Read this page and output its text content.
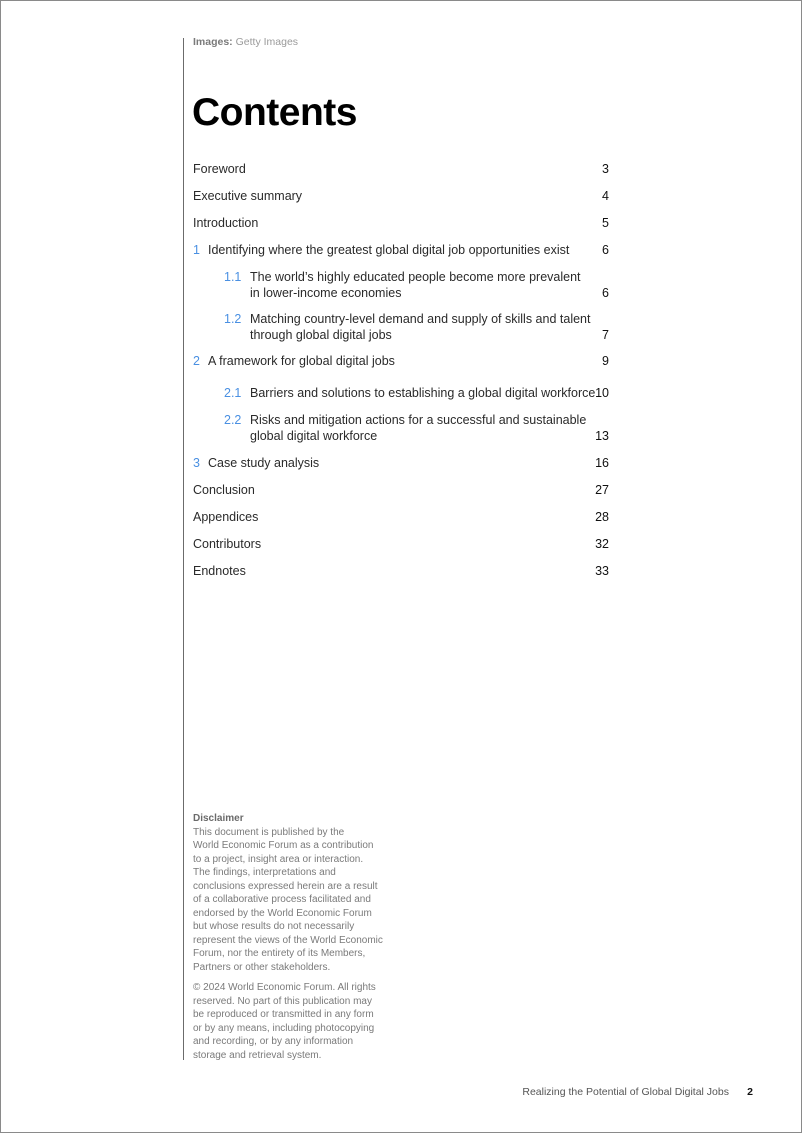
Images: Getty Images
Contents
Foreword	3
Executive summary	4
Introduction	5
1 Identifying where the greatest global digital job opportunities exist	6
1.1 The world’s highly educated people become more prevalent
in lower-income economies	6
1.2 Matching country-level demand and supply of skills and talent
through global digital jobs	7
2 A framework for global digital jobs	9
2.1 Barriers and solutions to establishing a global digital workforce 10
2.2 Risks and mitigation actions for a successful and sustainable
global digital workforce	13
3 Case study analysis	16
Conclusion	27
Appendices	28
Contributors	32
Endnotes	33
Disclaimer

This document is published by the
World Economic Forum as a contribution
to a project, insight area or interaction.
The findings, interpretations and
conclusions expressed herein are a result
of a collaborative process facilitated and
endorsed by the World Economic Forum
but whose results do not necessarily
represent the views of the World Economic
Forum, nor the entirety of its Members,
Partners or other stakeholders.

© 2024 World Economic Forum. All rights
reserved. No part of this publication may
be reproduced or transmitted in any form
or by any means, including photocopying
and recording, or by any information
storage and retrieval system.

Realizing the Potential of Global Digital Jobs 2
